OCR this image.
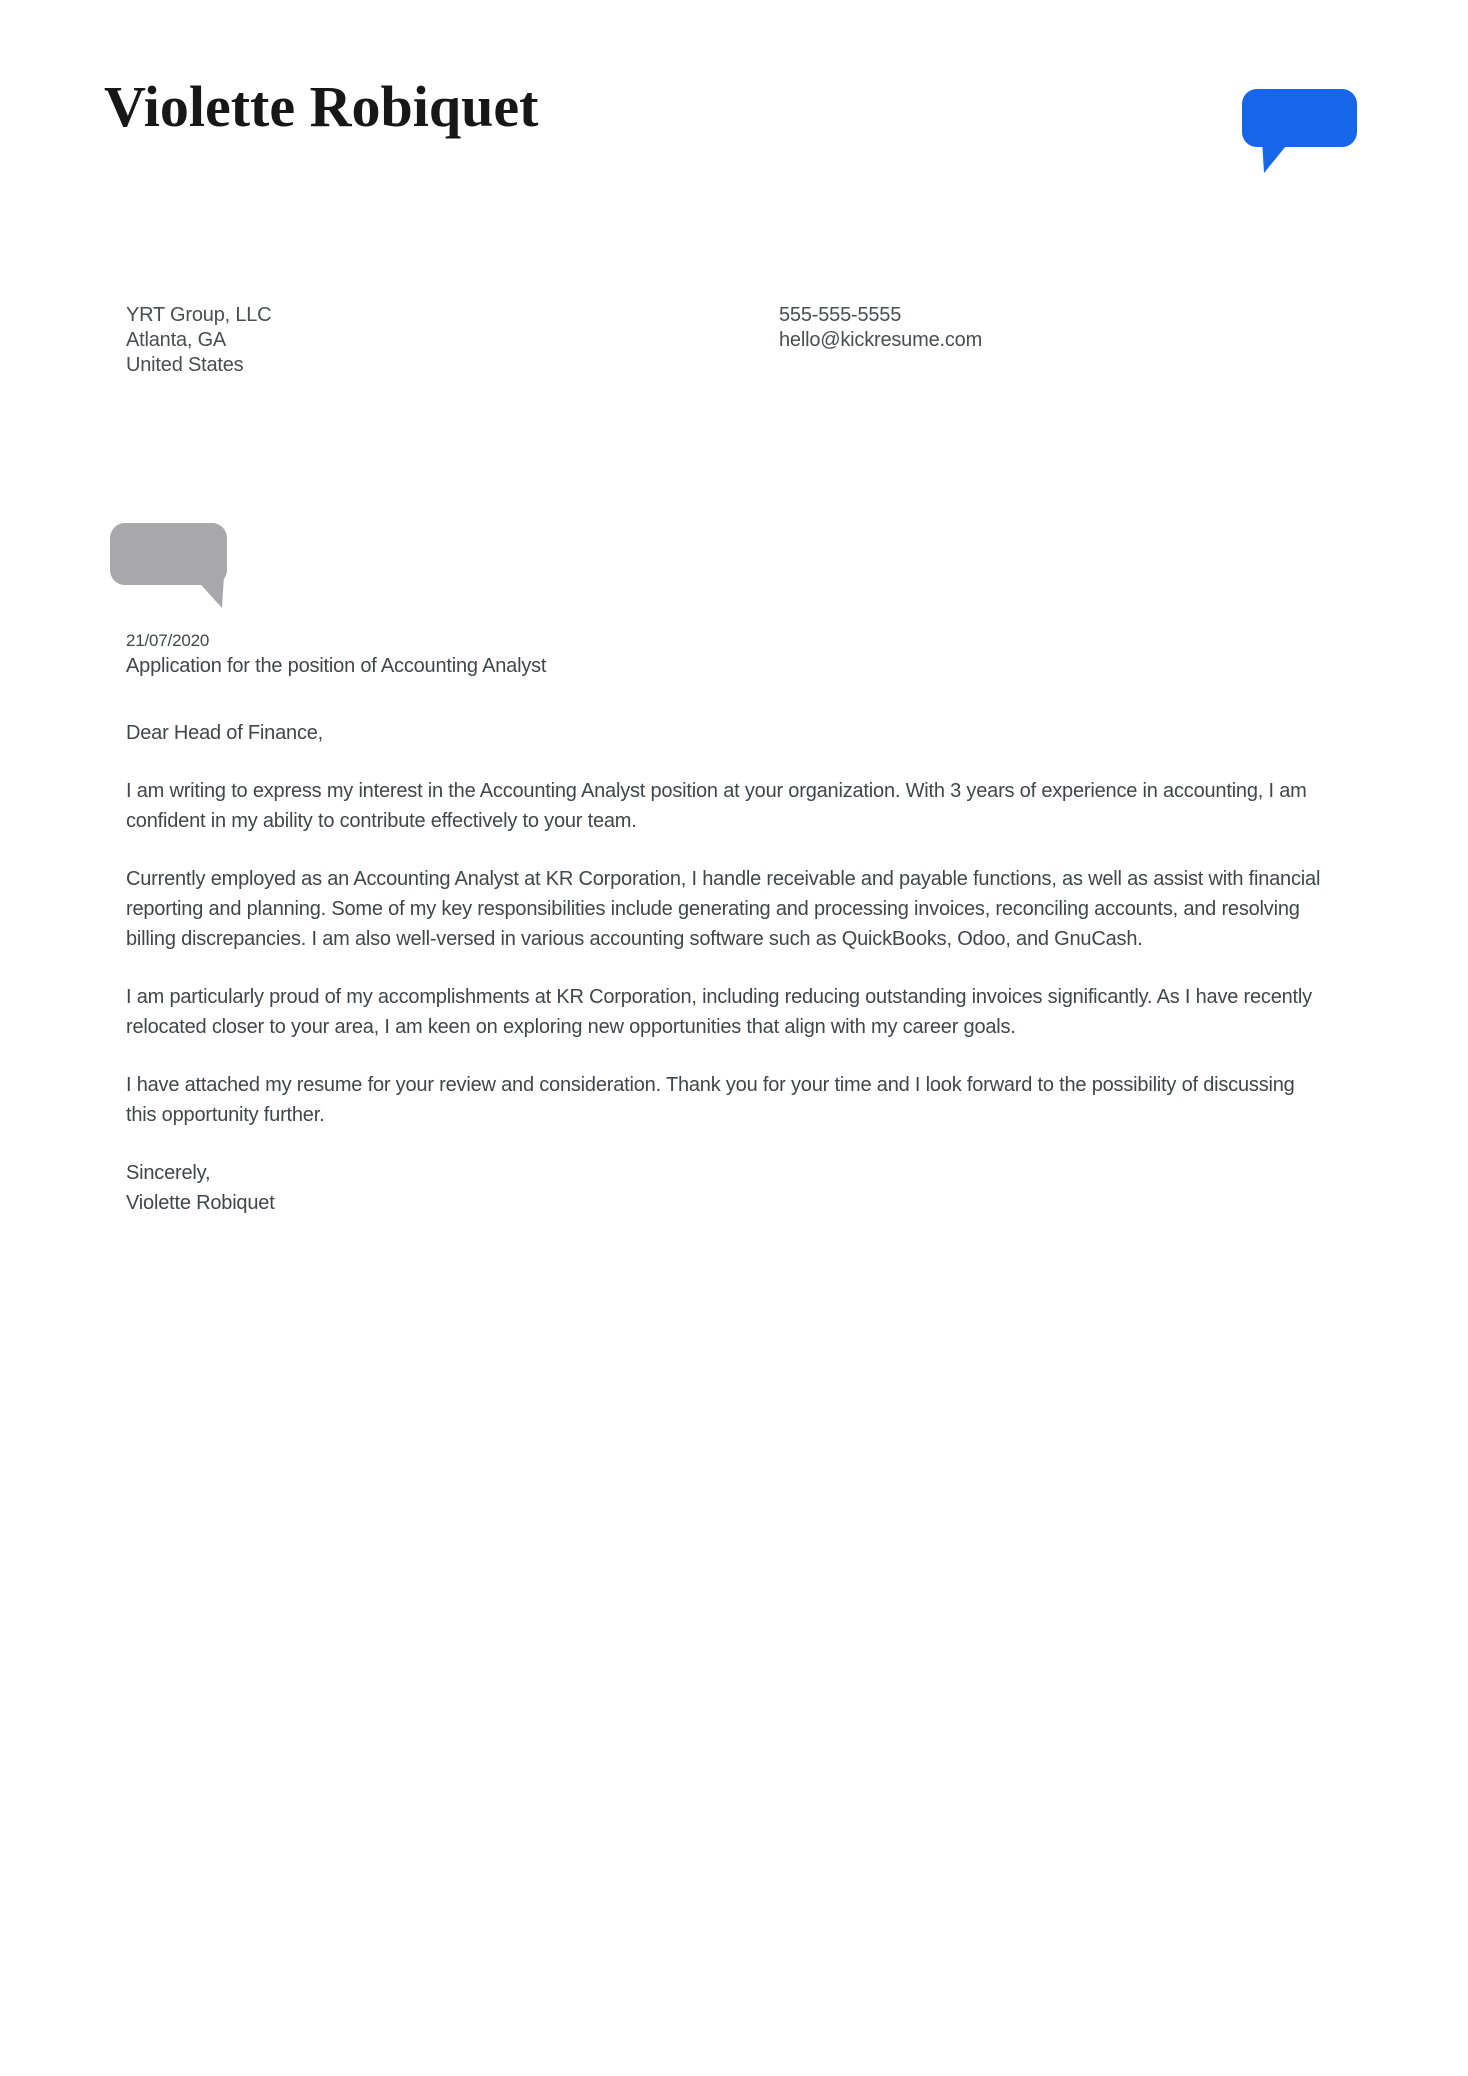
Violette Robiquet
YRT Group, LLC
Atlanta, GA
United States
555-555-5555
hello@kickresume.com
21/07/2020
Application for the position of Accounting Analyst

Dear Head of Finance,

I am writing to express my interest in the Accounting Analyst position at your organization. With 3 years of experience in accounting, I am confident in my ability to contribute effectively to your team.

Currently employed as an Accounting Analyst at KR Corporation, I handle receivable and payable functions, as well as assist with financial reporting and planning. Some of my key responsibilities include generating and processing invoices, reconciling accounts, and resolving billing discrepancies. I am also well-versed in various accounting software such as QuickBooks, Odoo, and GnuCash.

I am particularly proud of my accomplishments at KR Corporation, including reducing outstanding invoices significantly. As I have recently relocated closer to your area, I am keen on exploring new opportunities that align with my career goals.

I have attached my resume for your review and consideration. Thank you for your time and I look forward to the possibility of discussing this opportunity further.

Sincerely,

Violette Robiquet
